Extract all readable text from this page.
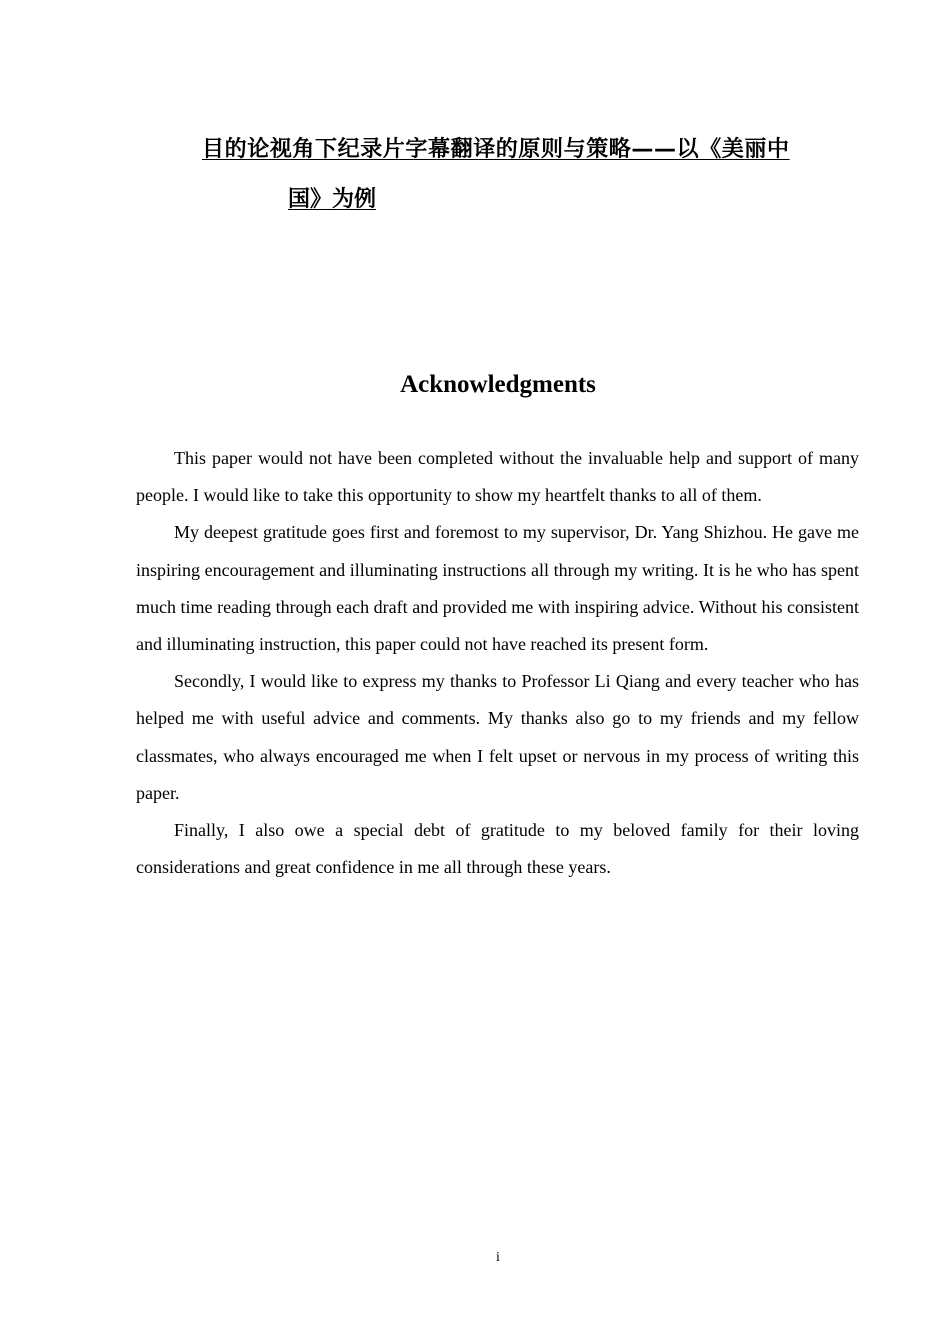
目的论视角下纪录片字幕翻译的原则与策略——以《美丽中
国》为例
Acknowledgments

This paper would not have been completed without the invaluable help and support of many people. I would like to take this opportunity to show my heartfelt thanks to all of them.

My deepest gratitude goes first and foremost to my supervisor, Dr. Yang Shizhou. He gave me inspiring encouragement and illuminating instructions all through my writing. It is he who has spent much time reading through each draft and provided me with inspiring advice. Without his consistent and illuminating instruction, this paper could not have reached its present form.

Secondly, I would like to express my thanks to Professor Li Qiang and every teacher who has helped me with useful advice and comments. My thanks also go to my friends and my fellow classmates, who always encouraged me when I felt upset or nervous in my process of writing this paper.

Finally, I also owe a special debt of gratitude to my beloved family for their loving considerations and great confidence in me all through these years.

i
